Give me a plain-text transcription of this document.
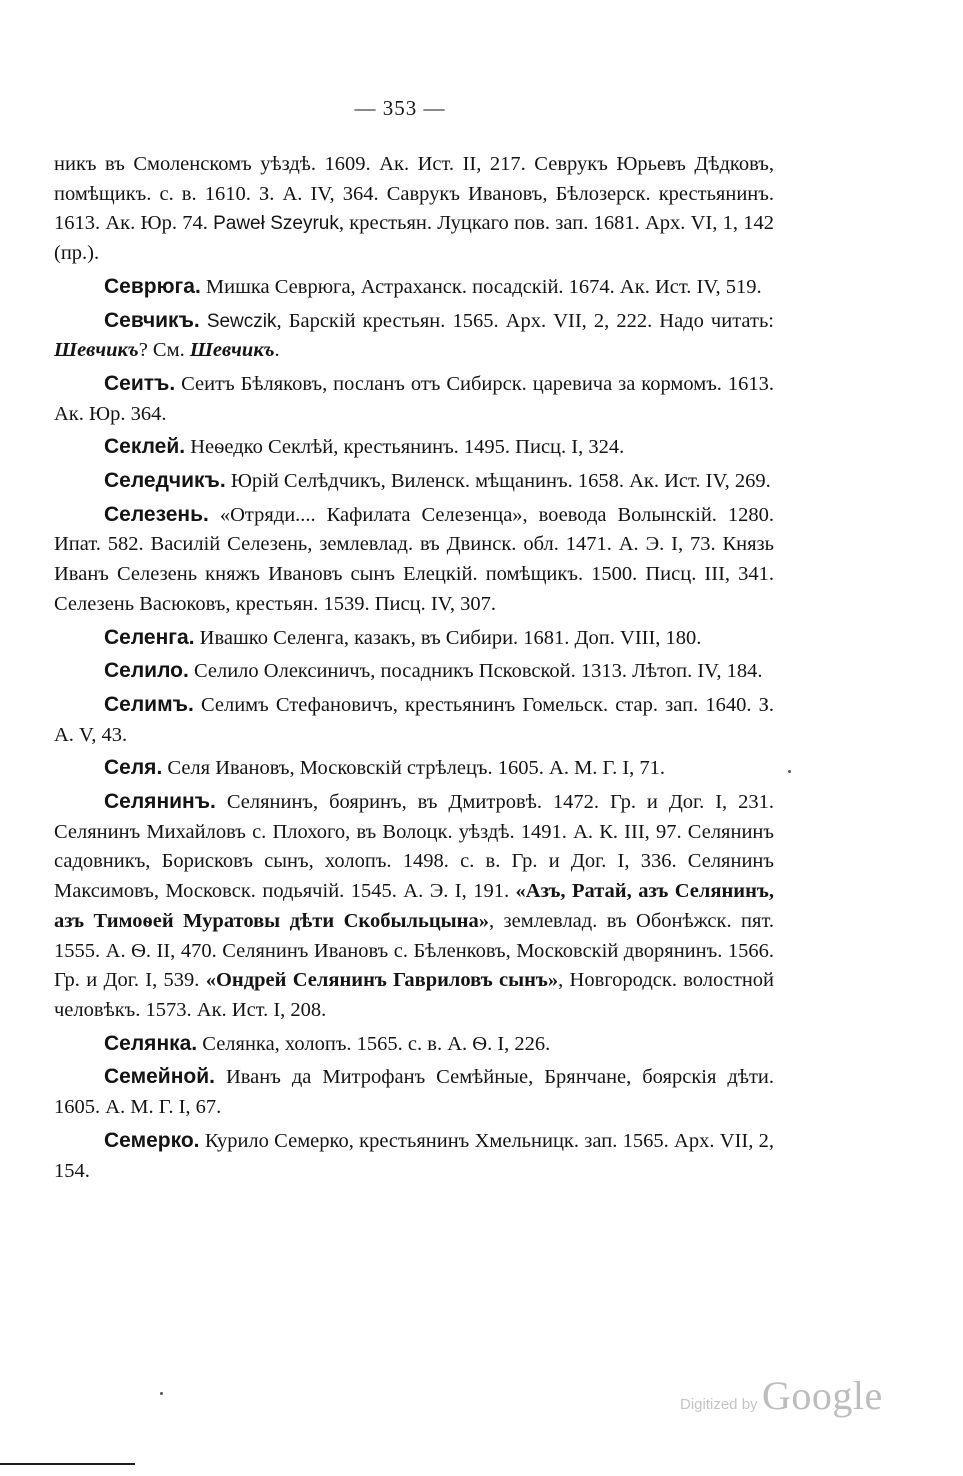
— 353 —

никъ въ Смоленскомъ уѣздѣ. 1609. Ак. Ист. II, 217. Севрукъ Юрьевъ Дѣдковъ, помѣщикъ. с. в. 1610. З. А. IV, 364. Саврукъ Ивановъ, Бѣлозерск. крестьянинъ. 1613. Ак. Юр. 74. Paweł Szeyruk, крестьян. Луцкаго пов. зап. 1681. Арх. VI, 1, 142 (пр.).

Севрюга. Мишка Севрюга, Астраханск. посадскій. 1674. Ак. Ист. IV, 519.

Севчикъ. Sewczik, Барскій крестьян. 1565. Арх. VII, 2, 222. Надо читать: Шевчикъ? См. Шевчикъ.

Сеитъ. Сеитъ Бѣляковъ, посланъ отъ Сибирск. царевича за кормомъ. 1613. Ак. Юр. 364.

Секлей. Неѳедко Секлѣй, крестьянинъ. 1495. Писц. I, 324.

Селедчикъ. Юрій Селѣдчикъ, Виленск. мѣщанинъ. 1658. Ак. Ист. IV, 269.

Селезень. «Отряди.... Кафилата Селезенца», воевода Волынскій. 1280. Ипат. 582. Василій Селезень, землевлад. въ Двинск. обл. 1471. А. Э. I, 73. Князь Иванъ Селезень княжъ Ивановъ сынъ Елецкій. помѣщикъ. 1500. Писц. III, 341. Селезень Васюковъ, крестьян. 1539. Писц. IV, 307.

Селенга. Ивашко Селенга, казакъ, въ Сибири. 1681. Доп. VIII, 180.

Селило. Селило Олексиничъ, посадникъ Псковской. 1313. Лѣтоп. IV, 184.

Селимъ. Селимъ Стефановичъ, крестьянинъ Гомельск. стар. зап. 1640. З. А. V, 43.

Селя. Селя Ивановъ, Московскій стрѣлецъ. 1605. А. М. Г. I, 71.

Селянинъ. Селянинъ, бояринъ, въ Дмитровѣ. 1472. Гр. и Дог. I, 231. Селянинъ Михайловъ с. Плохого, въ Волоцк. уѣздѣ. 1491. А. К. III, 97. Селянинъ садовникъ, Борисковъ сынъ, холопъ. 1498. с. в. Гр. и Дог. I, 336. Селянинъ Максимовъ, Московск. подьячій. 1545. А. Э. I, 191. «Азъ, Ратай, азъ Селянинъ, азъ Тимоѳей Муратовы дѣти Скобыльцына», землевлад. въ Обонѣжск. пят. 1555. А. Ѳ. II, 470. Селянинъ Ивановъ с. Бѣленковъ, Московскій дворянинъ. 1566. Гр. и Дог. I, 539. «Ондрей Селянинъ Гавриловъ сынъ», Новгородск. волостной человѣкъ. 1573. Ак. Ист. I, 208.

Селянка. Селянка, холопъ. 1565. с. в. А. Ѳ. I, 226.

Семейной. Иванъ да Митрофанъ Семѣйные, Брянчане, боярскія дѣти. 1605. А. М. Г. I, 67.

Семерко. Курило Семерко, крестьянинъ Хмельницк. зап. 1565. Арх. VII, 2, 154.

Digitized by Google
